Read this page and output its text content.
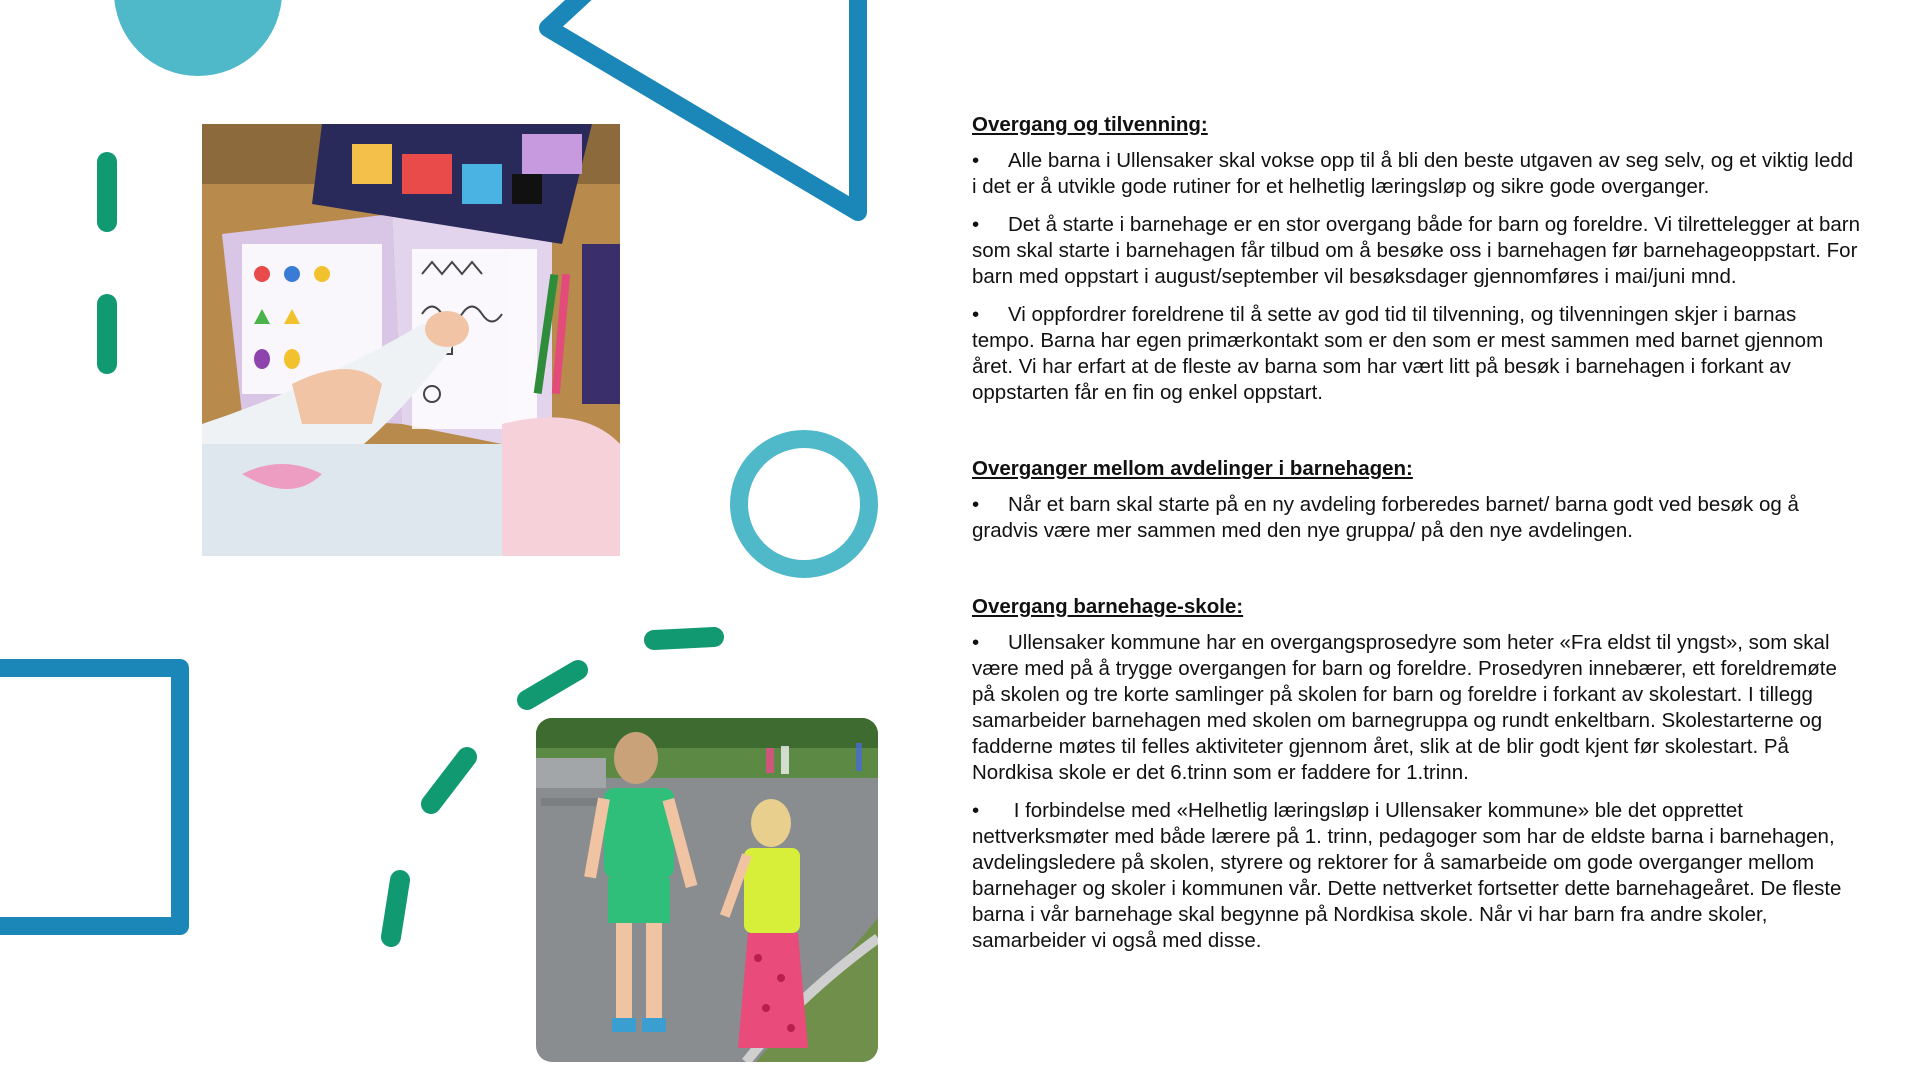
Overgang og tilvenning:
• Alle barna i Ullensaker skal vokse opp til å bli den beste utgaven av seg selv, og et viktig ledd i det er å utvikle gode rutiner for et helhetlig læringsløp og sikre gode overganger.
• Det å starte i barnehage er en stor overgang både for barn og foreldre. Vi tilrettelegger at barn som skal starte i barnehagen får tilbud om å besøke oss i barnehagen før barnehageoppstart. For barn med oppstart i august/september vil besøksdager gjennomføres i mai/juni mnd.
• Vi oppfordrer foreldrene til å sette av god tid til tilvenning, og tilvenningen skjer i barnas tempo. Barna har egen primærkontakt som er den som er mest sammen med barnet gjennom året. Vi har erfart at de fleste av barna som har vært litt på besøk i barnehagen i forkant av oppstarten får en fin og enkel oppstart.
Overganger mellom avdelinger i barnehagen:
• Når et barn skal starte på en ny avdeling forberedes barnet/ barna godt ved besøk og å gradvis være mer sammen med den nye gruppa/ på den nye avdelingen.
Overgang barnehage-skole:
• Ullensaker kommune har en overgangsprosedyre som heter «Fra eldst til yngst», som skal være med på å trygge overgangen for barn og foreldre. Prosedyren innebærer, ett foreldremøte på skolen og tre korte samlinger på skolen for barn og foreldre i forkant av skolestart. I tillegg samarbeider barnehagen med skolen om barnegruppa og rundt enkeltbarn. Skolestarterne og fadderne møtes til felles aktiviteter gjennom året, slik at de blir godt kjent før skolestart. På Nordkisa skole er det 6.trinn som er faddere for 1.trinn.
• I forbindelse med «Helhetlig læringsløp i Ullensaker kommune» ble det opprettet nettverksmøter med både lærere på 1. trinn, pedagoger som har de eldste barna i barnehagen, avdelingsledere på skolen, styrere og rektorer for å samarbeide om gode overganger mellom barnehager og skoler i kommunen vår. Dette nettverket fortsetter dette barnehageåret. De fleste barna i vår barnehage skal begynne på Nordkisa skole. Når vi har barn fra andre skoler, samarbeider vi også med disse.
